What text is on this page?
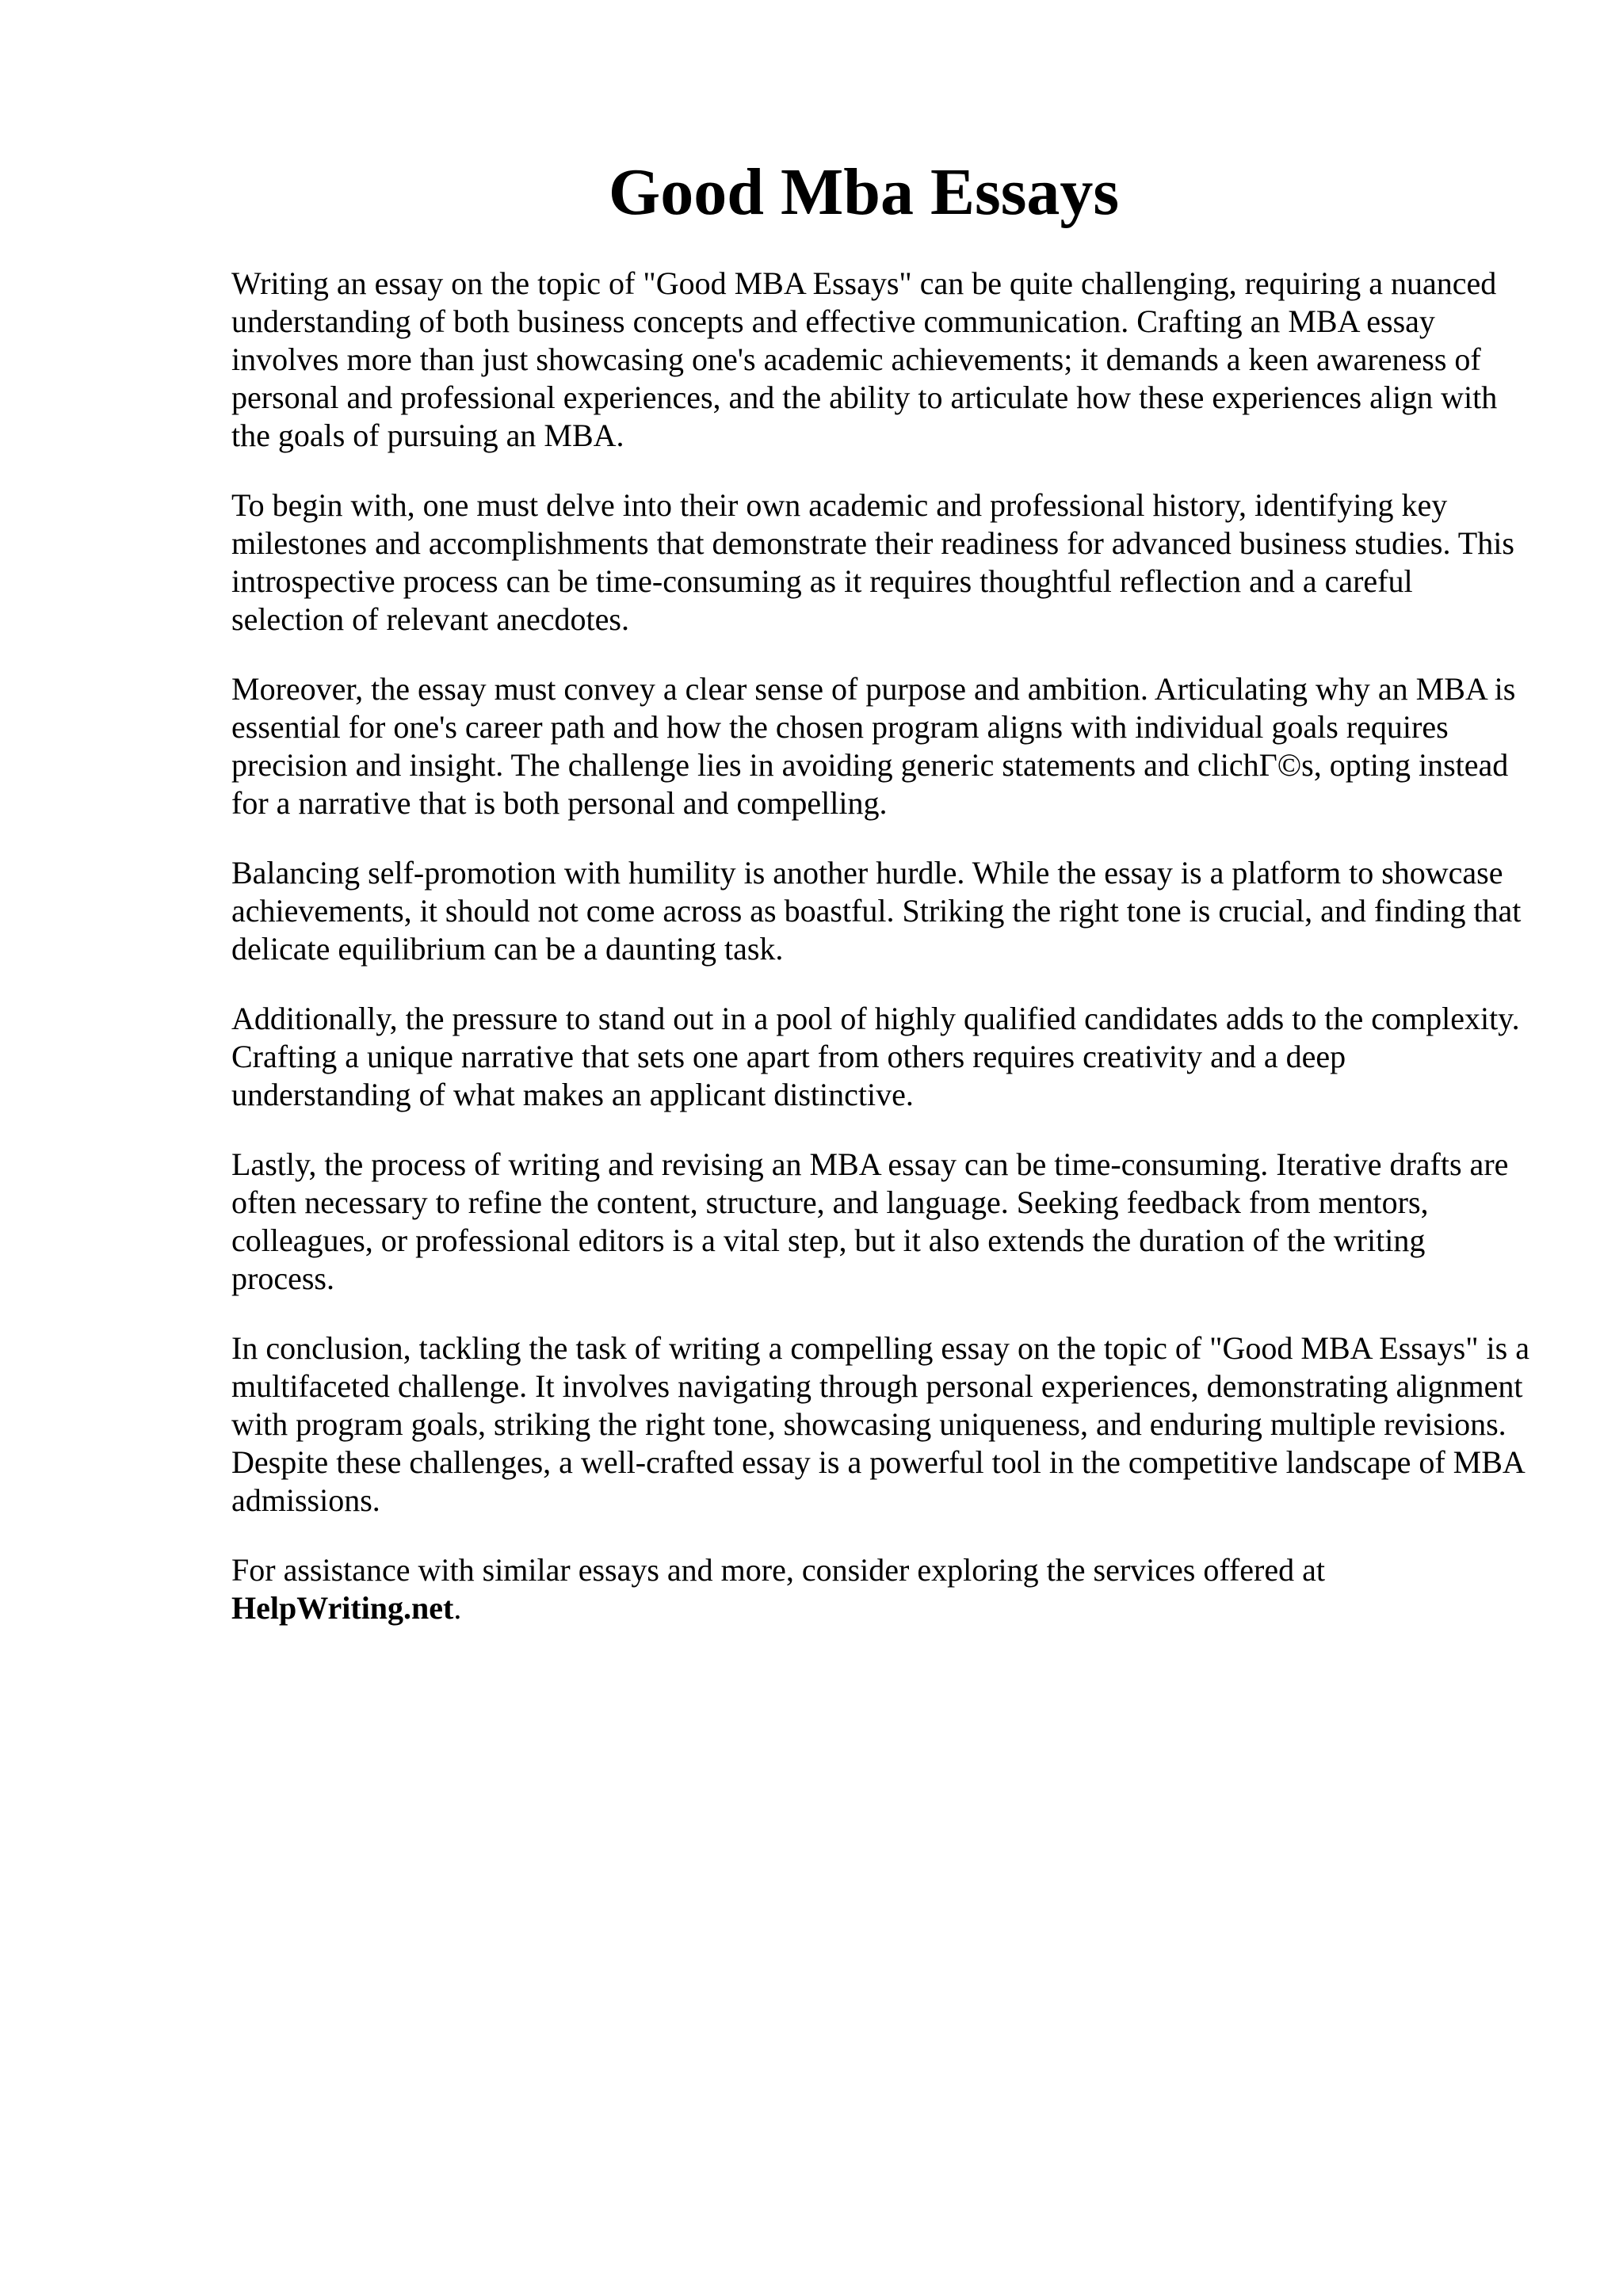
Good Mba Essays

Writing an essay on the topic of "Good MBA Essays" can be quite challenging, requiring a nuanced understanding of both business concepts and effective communication. Crafting an MBA essay involves more than just showcasing one's academic achievements; it demands a keen awareness of personal and professional experiences, and the ability to articulate how these experiences align with the goals of pursuing an MBA.

To begin with, one must delve into their own academic and professional history, identifying key milestones and accomplishments that demonstrate their readiness for advanced business studies. This introspective process can be time-consuming as it requires thoughtful reflection and a careful selection of relevant anecdotes.

Moreover, the essay must convey a clear sense of purpose and ambition. Articulating why an MBA is essential for one's career path and how the chosen program aligns with individual goals requires precision and insight. The challenge lies in avoiding generic statements and clichΓ©s, opting instead for a narrative that is both personal and compelling.

Balancing self-promotion with humility is another hurdle. While the essay is a platform to showcase achievements, it should not come across as boastful. Striking the right tone is crucial, and finding that delicate equilibrium can be a daunting task.

Additionally, the pressure to stand out in a pool of highly qualified candidates adds to the complexity. Crafting a unique narrative that sets one apart from others requires creativity and a deep understanding of what makes an applicant distinctive.

Lastly, the process of writing and revising an MBA essay can be time-consuming. Iterative drafts are often necessary to refine the content, structure, and language. Seeking feedback from mentors, colleagues, or professional editors is a vital step, but it also extends the duration of the writing process.

In conclusion, tackling the task of writing a compelling essay on the topic of "Good MBA Essays" is a multifaceted challenge. It involves navigating through personal experiences, demonstrating alignment with program goals, striking the right tone, showcasing uniqueness, and enduring multiple revisions. Despite these challenges, a well-crafted essay is a powerful tool in the competitive landscape of MBA admissions.

For assistance with similar essays and more, consider exploring the services offered at HelpWriting.net.
